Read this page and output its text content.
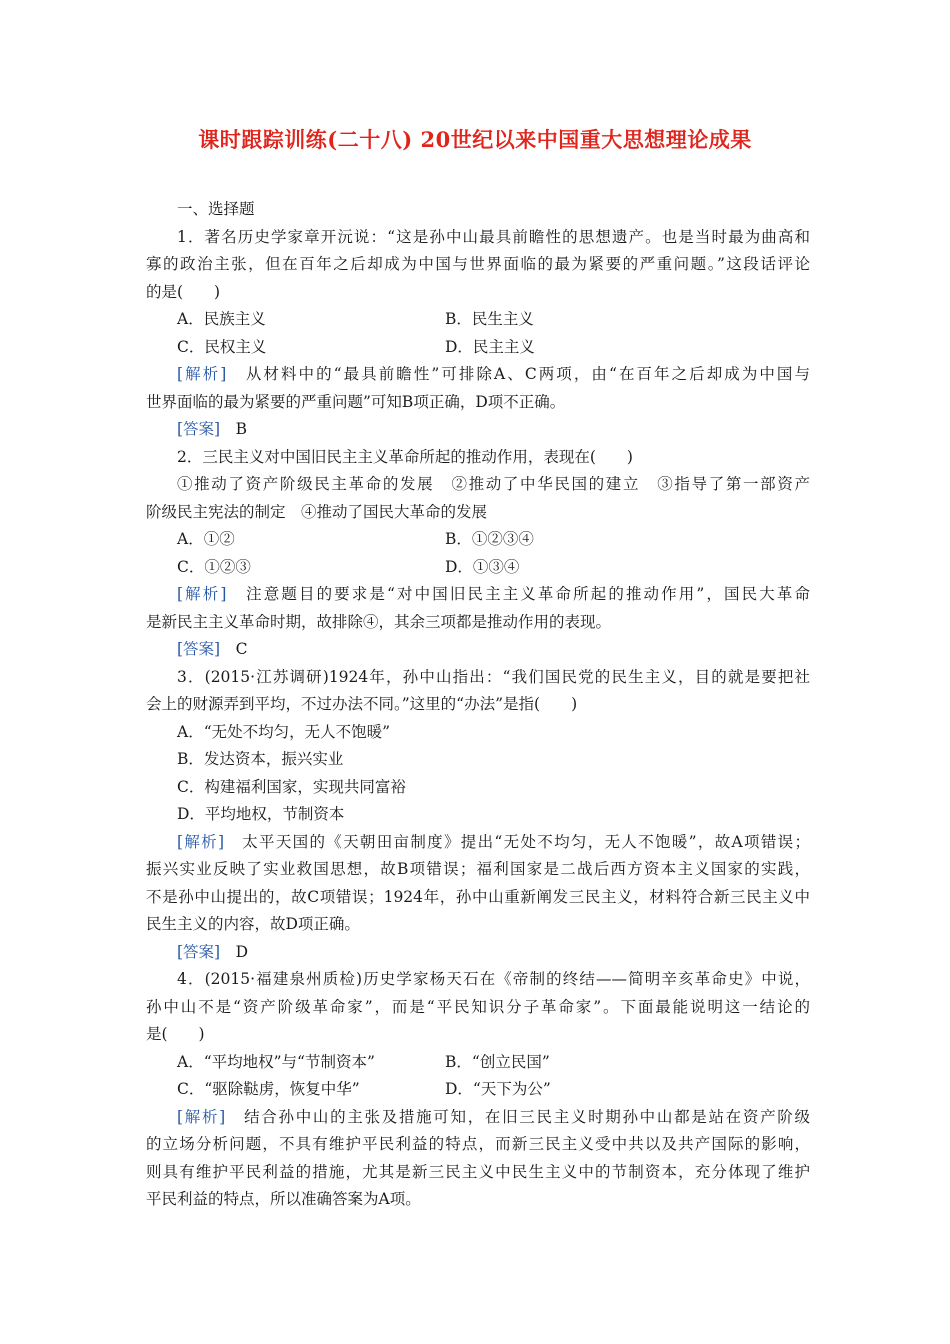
课时跟踪训练(二十八) 20世纪以来中国重大思想理论成果
一、选择题
1．著名历史学家章开沅说：“这是孙中山最具前瞻性的思想遗产。也是当时最为曲高和
寡的政治主张，但在百年之后却成为中国与世界面临的最为紧要的严重问题。”这段话评论
的是(　　)
A．民族主义	B．民生主义
C．民权主义	D．民主主义
[解析]　 从材料中的“最具前瞻性”可排除A、C两项，由“在百年之后却成为中国与
世界面临的最为紧要的严重问题”可知B项正确，D项不正确。
[答案]　 B
2．三民主义对中国旧民主主义革命所起的推动作用，表现在(　　)
①推动了资产阶级民主革命的发展　②推动了中华民国的建立　③指导了第一部资产
阶级民主宪法的制定　④推动了国民大革命的发展
A．①②	B．①②③④
C．①②③	D．①③④
[解析]　 注意题目的要求是“对中国旧民主主义革命所起的推动作用”，国民大革命
是新民主主义革命时期，故排除④，其余三项都是推动作用的表现。
[答案]　 C
3．(2015·江苏调研)1924年，孙中山指出：“我们国民党的民生主义，目的就是要把社
会上的财源弄到平均，不过办法不同。”这里的“办法”是指(　　)
A．“无处不均匀，无人不饱暖”
B．发达资本，振兴实业
C．构建福利国家，实现共同富裕
D．平均地权，节制资本
[解析]　 太平天国的《天朝田亩制度》提出“无处不均匀，无人不饱暖”，故A项错误；
振兴实业反映了实业救国思想，故B项错误；福利国家是二战后西方资本主义国家的实践，
不是孙中山提出的，故C项错误；1924年，孙中山重新阐发三民主义，材料符合新三民主义中
民生主义的内容，故D项正确。
[答案]　 D
4．(2015·福建泉州质检)历史学家杨天石在《帝制的终结——简明辛亥革命史》中说，
孙中山不是“资产阶级革命家”，而是“平民知识分子革命家”。下面最能说明这一结论的
是(　　)
A．“平均地权”与“节制资本”	B．“创立民国”
C．“驱除鞑虏，恢复中华”	D．“天下为公”
[解析]　 结合孙中山的主张及措施可知，在旧三民主义时期孙中山都是站在资产阶级
的立场分析问题，不具有维护平民利益的特点，而新三民主义受中共以及共产国际的影响，
则具有维护平民利益的措施，尤其是新三民主义中民生主义中的节制资本，充分体现了维护
平民利益的特点，所以准确答案为A项。
